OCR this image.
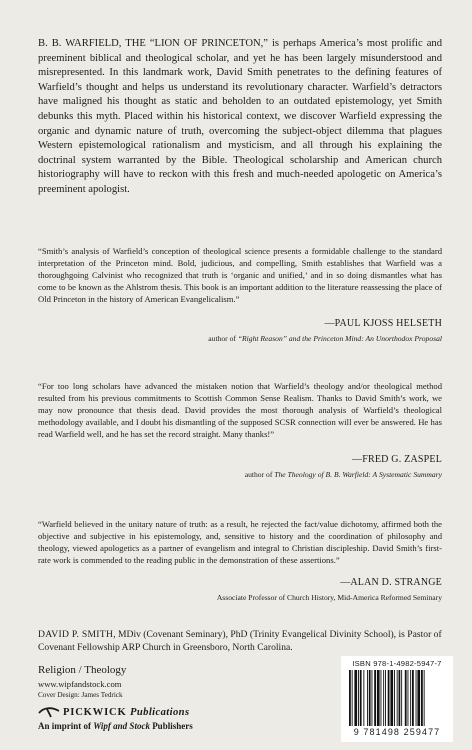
B. B. WARFIELD, THE “LION OF PRINCETON,” is perhaps America’s most prolific and preeminent biblical and theological scholar, and yet he has been largely misunderstood and misrepresented. In this landmark work, David Smith penetrates to the defining features of Warfield’s thought and helps us understand its revolutionary character. Warfield’s detractors have maligned his thought as static and beholden to an outdated epistemology, yet Smith debunks this myth. Placed within his historical context, we discover Warfield expressing the organic and dynamic nature of truth, overcoming the subject-object dilemma that plagues Western epistemological rationalism and mysticism, and all through his explaining the doctrinal system warranted by the Bible. Theological scholarship and American church historiography will have to reckon with this fresh and much-needed apologetic on America’s preeminent apologist.

“Smith’s analysis of Warfield’s conception of theological science presents a formidable challenge to the standard interpretation of the Princeton mind. Bold, judicious, and compelling, Smith establishes that Warfield was a thoroughgoing Calvinist who recognized that truth is ‘organic and unified,’ and in so doing dismantles what has come to be known as the Ahlstrom thesis. This book is an important addition to the literature reassessing the place of Old Princeton in the history of American Evangelicalism.”

—PAUL KJOSS HELSETH

author of “Right Reason” and the Princeton Mind: An Unorthodox Proposal

“For too long scholars have advanced the mistaken notion that Warfield’s theology and/or theological method resulted from his previous commitments to Scottish Common Sense Realism. Thanks to David Smith’s work, we may now pronounce that thesis dead. David provides the most thorough analysis of Warfield’s theological methodology available, and I doubt his dismantling of the supposed SCSR connection will ever be answered. He has read Warfield well, and he has set the record straight. Many thanks!”

—FRED G. ZASPEL

author of The Theology of B. B. Warfield: A Systematic Summary

“Warfield believed in the unitary nature of truth: as a result, he rejected the fact/value dichotomy, affirmed both the objective and subjective in his epistemology, and, sensitive to history and the coordination of philosophy and theology, viewed apologetics as a partner of evangelism and integral to Christian discipleship. David Smith’s first-rate work is commended to the reading public in the demonstration of these assertions.”

—ALAN D. STRANGE

Associate Professor of Church History, Mid-America Reformed Seminary

DAVID P. SMITH, MDiv (Covenant Seminary), PhD (Trinity Evangelical Divinity School), is Pastor of Covenant Fellowship ARP Church in Greensboro, North Carolina.

Religion / Theology

www.wipfandstock.com

Cover Design: James Tedrick

PICKWICK Publications

An imprint of Wipf and Stock Publishers

ISBN 978-1-4982-5947-7
9 781498 259477
